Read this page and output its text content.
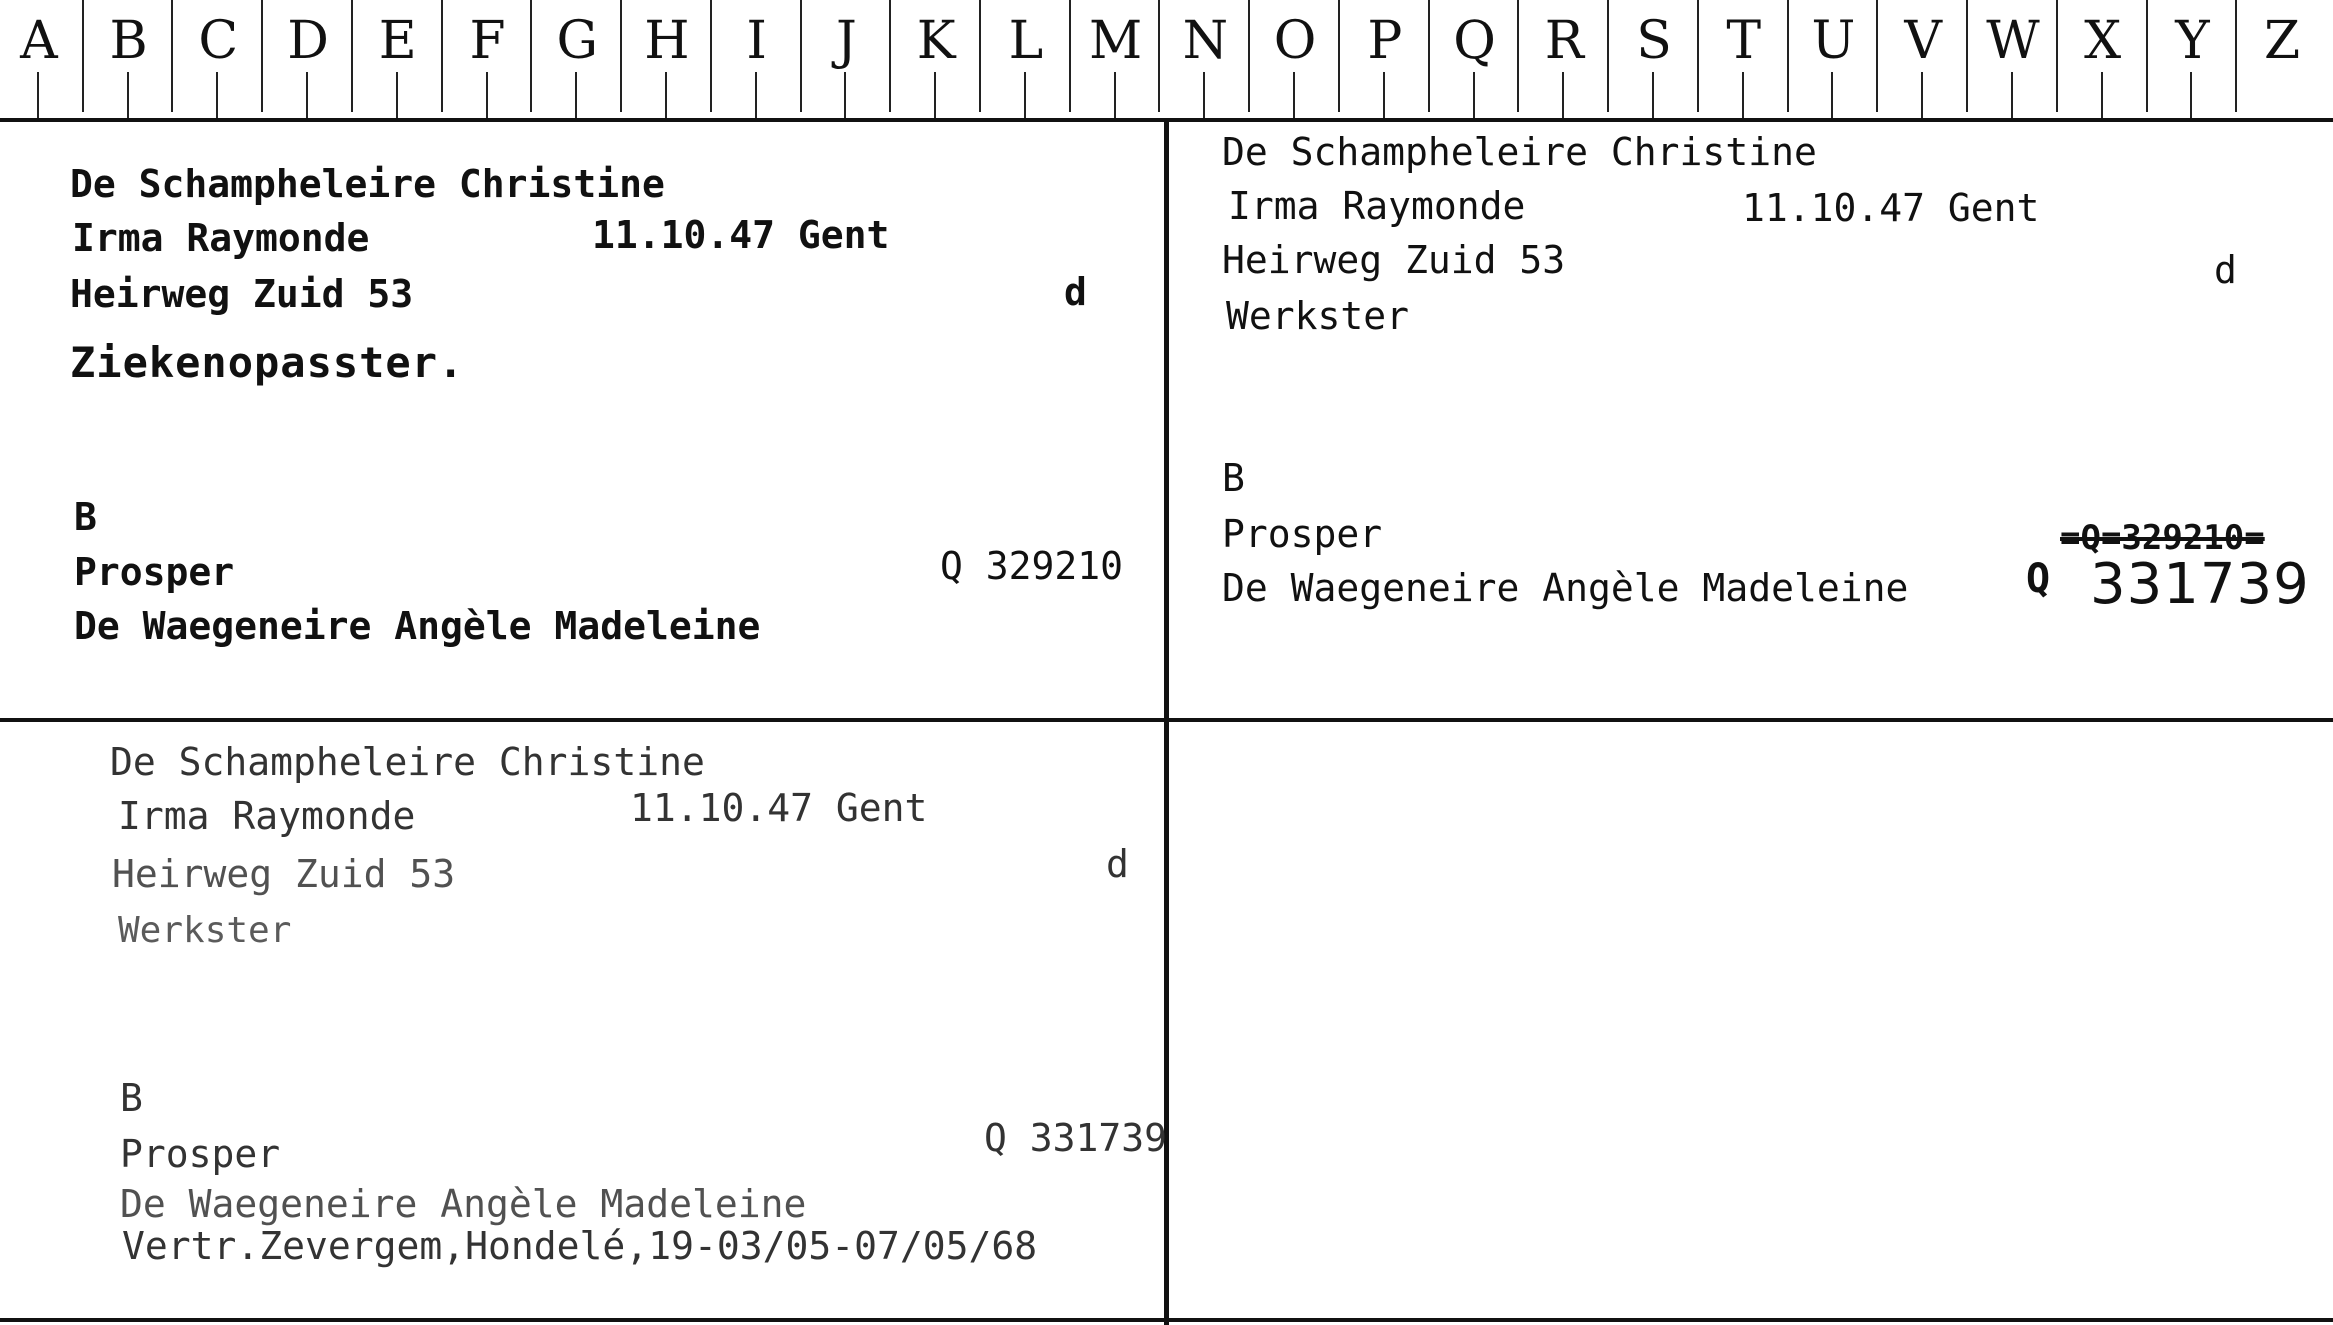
A B C D E	F G H	I	J	K	L M N O P Q R	S	T U V W X	Y	Z
De Schampheleire Christine
Irma Raymonde	11.10.47 Gent
Heirweg Zuid 53	d
Ziekenopasster.
B
Prosper	Q 329210
De Waegeneire Angèle Madeleine
De Schampheleire Christine
Irma Raymonde	11.10.47 Gent
Heirweg Zuid 53	d
Werkster
B
Prosper	=Q=329210=
Q 331739
De Waegeneire Angèle Madeleine
De Schampheleire Christine
Irma Raymonde	11.10.47 Gent
Heirweg Zuid 53	d
Werkster
B
Prosper	Q 331739
De Waegeneire Angèle Madeleine
Vertr.Zevergem,Hondelé,19-03/05-07/05/68
